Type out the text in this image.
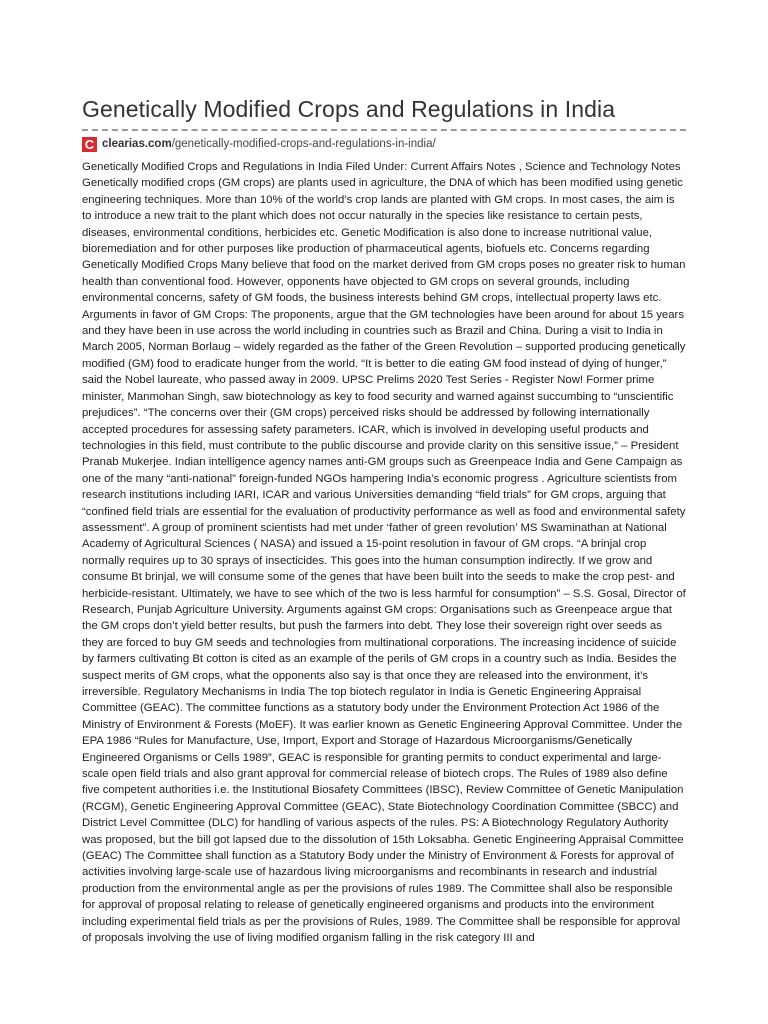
Genetically Modified Crops and Regulations in India
C clearias.com /genetically-modified-crops-and-regulations-in-india/

Genetically Modified Crops and Regulations in India Filed Under: Current Affairs Notes , Science and Technology Notes Genetically modified crops (GM crops) are plants used in agriculture, the DNA of which has been modified using genetic engineering techniques. More than 10% of the world’s crop lands are planted with GM crops. In most cases, the aim is to introduce a new trait to the plant which does not occur naturally in the species like resistance to certain pests, diseases, environmental conditions, herbicides etc. Genetic Modification is also done to increase nutritional value, bioremediation and for other purposes like production of pharmaceutical agents, biofuels etc. Concerns regarding Genetically Modified Crops Many believe that food on the market derived from GM crops poses no greater risk to human health than conventional food. However, opponents have objected to GM crops on several grounds, including environmental concerns, safety of GM foods, the business interests behind GM crops, intellectual property laws etc. Arguments in favor of GM Crops: The proponents, argue that the GM technologies have been around for about 15 years and they have been in use across the world including in countries such as Brazil and China. During a visit to India in March 2005, Norman Borlaug – widely regarded as the father of the Green Revolution – supported producing genetically modified (GM) food to eradicate hunger from the world. “It is better to die eating GM food instead of dying of hunger,” said the Nobel laureate, who passed away in 2009. UPSC Prelims 2020 Test Series - Register Now! Former prime minister, Manmohan Singh, saw biotechnology as key to food security and warned against succumbing to “unscientific prejudices”. “The concerns over their (GM crops) perceived risks should be addressed by following internationally accepted procedures for assessing safety parameters. ICAR, which is involved in developing useful products and technologies in this field, must contribute to the public discourse and provide clarity on this sensitive issue,” – President Pranab Mukerjee. Indian intelligence agency names anti-GM groups such as Greenpeace India and Gene Campaign as one of the many “anti-national” foreign-funded NGOs hampering India’s economic progress . Agriculture scientists from research institutions including IARI, ICAR and various Universities demanding “field trials” for GM crops, arguing that “confined field trials are essential for the evaluation of productivity performance as well as food and environmental safety assessment”. A group of prominent scientists had met under ‘father of green revolution’ MS Swaminathan at National Academy of Agricultural Sciences ( NASA) and issued a 15-point resolution in favour of GM crops. “A brinjal crop normally requires up to 30 sprays of insecticides. This goes into the human consumption indirectly. If we grow and consume Bt brinjal, we will consume some of the genes that have been built into the seeds to make the crop pest- and herbicide-resistant. Ultimately, we have to see which of the two is less harmful for consumption” – S.S. Gosal, Director of Research, Punjab Agriculture University. Arguments against GM crops: Organisations such as Greenpeace argue that the GM crops don’t yield better results, but push the farmers into debt. They lose their sovereign right over seeds as they are forced to buy GM seeds and technologies from multinational corporations. The increasing incidence of suicide by farmers cultivating Bt cotton is cited as an example of the perils of GM crops in a country such as India. Besides the suspect merits of GM crops, what the opponents also say is that once they are released into the environment, it’s irreversible. Regulatory Mechanisms in India The top biotech regulator in India is Genetic Engineering Appraisal Committee (GEAC). The committee functions as a statutory body under the Environment Protection Act 1986 of the Ministry of Environment & Forests (MoEF). It was earlier known as Genetic Engineering Approval Committee. Under the EPA 1986 “Rules for Manufacture, Use, Import, Export and Storage of Hazardous Microorganisms/Genetically Engineered Organisms or Cells 1989”, GEAC is responsible for granting permits to conduct experimental and large-scale open field trials and also grant approval for commercial release of biotech crops. The Rules of 1989 also define five competent authorities i.e. the Institutional Biosafety Committees (IBSC), Review Committee of Genetic Manipulation (RCGM), Genetic Engineering Approval Committee (GEAC), State Biotechnology Coordination Committee (SBCC) and District Level Committee (DLC) for handling of various aspects of the rules. PS: A Biotechnology Regulatory Authority was proposed, but the bill got lapsed due to the dissolution of 15th Loksabha. Genetic Engineering Appraisal Committee (GEAC) The Committee shall function as a Statutory Body under the Ministry of Environment & Forests for approval of activities involving large-scale use of hazardous living microorganisms and recombinants in research and industrial production from the environmental angle as per the provisions of rules 1989. The Committee shall also be responsible for approval of proposal relating to release of genetically engineered organisms and products into the environment including experimental field trials as per the provisions of Rules, 1989. The Committee shall be responsible for approval of proposals involving the use of living modified organism falling in the risk category III and
